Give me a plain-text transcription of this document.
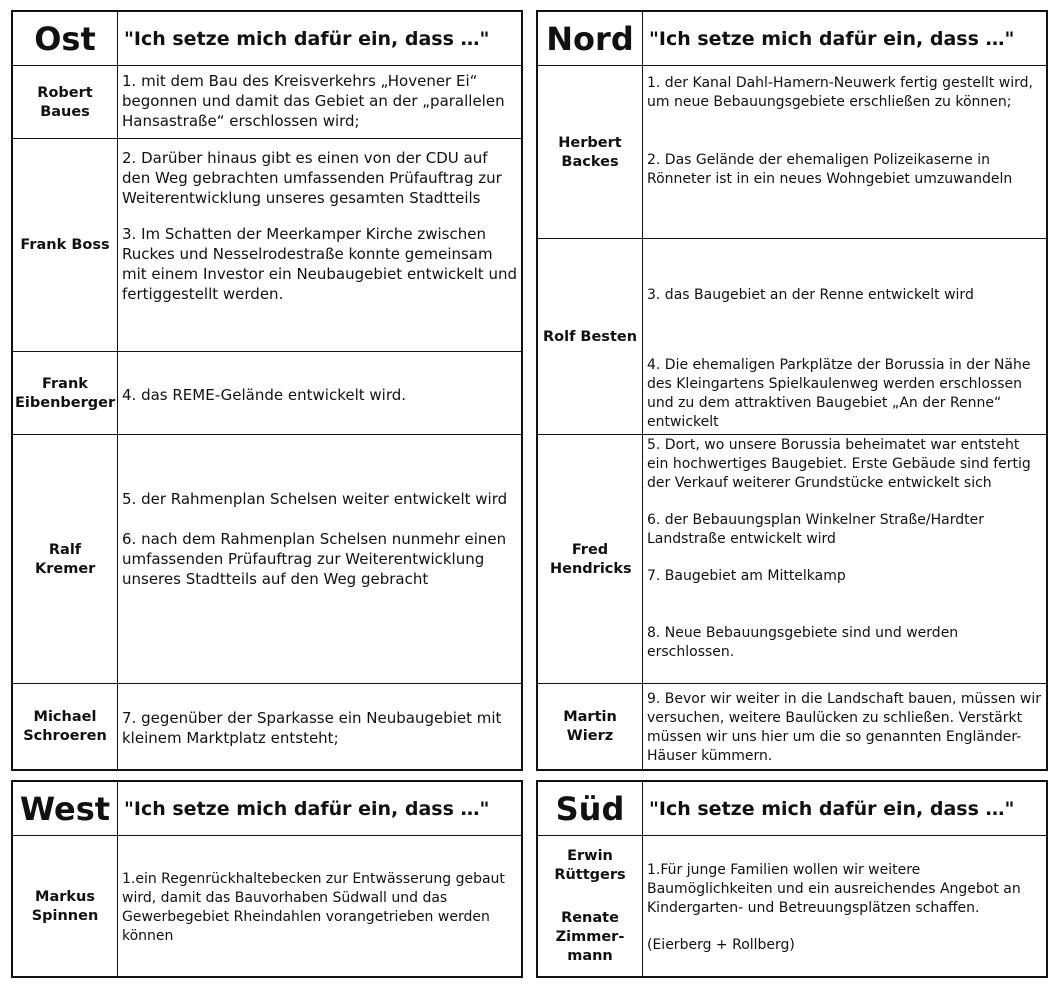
Ost	"Ich setze mich dafür ein, dass …"
Robert Baues

1. mit dem Bau des Kreisverkehrs „Hovener Ei“ begonnen und damit das Gebiet an der „parallelen Hansastraße“ erschlossen wird;

Frank Boss

2. Darüber hinaus gibt es einen von der CDU auf den Weg gebrachten umfassenden Prüfauftrag zur Weiterentwicklung unseres gesamten Stadtteils

3. Im Schatten der Meerkamper Kirche zwischen Ruckes und Nesselrodestraße konnte gemeinsam mit einem Investor ein Neubaugebiet entwickelt und fertiggestellt werden.

Frank Eibenberger 4. das REME-Gelände entwickelt wird.

Ralf Kremer

5. der Rahmenplan Schelsen weiter entwickelt wird

6. nach dem Rahmenplan Schelsen nunmehr einen umfassenden Prüfauftrag zur Weiterentwicklung unseres Stadtteils auf den Weg gebracht

Michael Schroeren

7. gegenüber der Sparkasse ein Neubaugebiet mit kleinem Marktplatz entsteht;

Nord "Ich setze mich dafür ein, dass …"
Herbert Backes

1. der Kanal Dahl-Hamern-Neuwerk fertig gestellt wird, um neue Bebauungsgebiete erschließen zu können;

2. Das Gelände der ehemaligen Polizeikaserne in Rönneter ist in ein neues Wohngebiet umzuwandeln

Rolf Besten

3. das Baugebiet an der Renne entwickelt wird

4. Die ehemaligen Parkplätze der Borussia in der Nähe des Kleingartens Spielkaulenweg werden erschlossen und zu dem attraktiven Baugebiet „An der Renne“ entwickelt

Fred Hendricks

5. Dort, wo unsere Borussia beheimatet war entsteht ein hochwertiges Baugebiet. Erste Gebäude sind fertig der Verkauf weiterer Grundstücke entwickelt sich

6. der Bebauungsplan Winkelner Straße/Hardter Landstraße entwickelt wird

7. Baugebiet am Mittelkamp

8. Neue Bebauungsgebiete sind und werden erschlossen.

Martin Wierz

9. Bevor wir weiter in die Landschaft bauen, müssen wir versuchen, weitere Baulücken zu schließen. Verstärkt müssen wir uns hier um die so genannten Engländer-Häuser kümmern.

West "Ich setze mich dafür ein, dass …"
Markus Spinnen

1.ein Regenrückhaltebecken zur Entwässerung gebaut wird, damit das Bauvorhaben Südwall und das Gewerbegebiet Rheindahlen vorangetrieben werden können

Süd	"Ich setze mich dafür ein, dass …"
Erwin Rüttgers
Renate Zimmer-mann

1.Für junge Familien wollen wir weitere Baumöglichkeiten und ein ausreichendes Angebot an Kindergarten- und Betreuungsplätzen schaffen.

(Eierberg + Rollberg)
